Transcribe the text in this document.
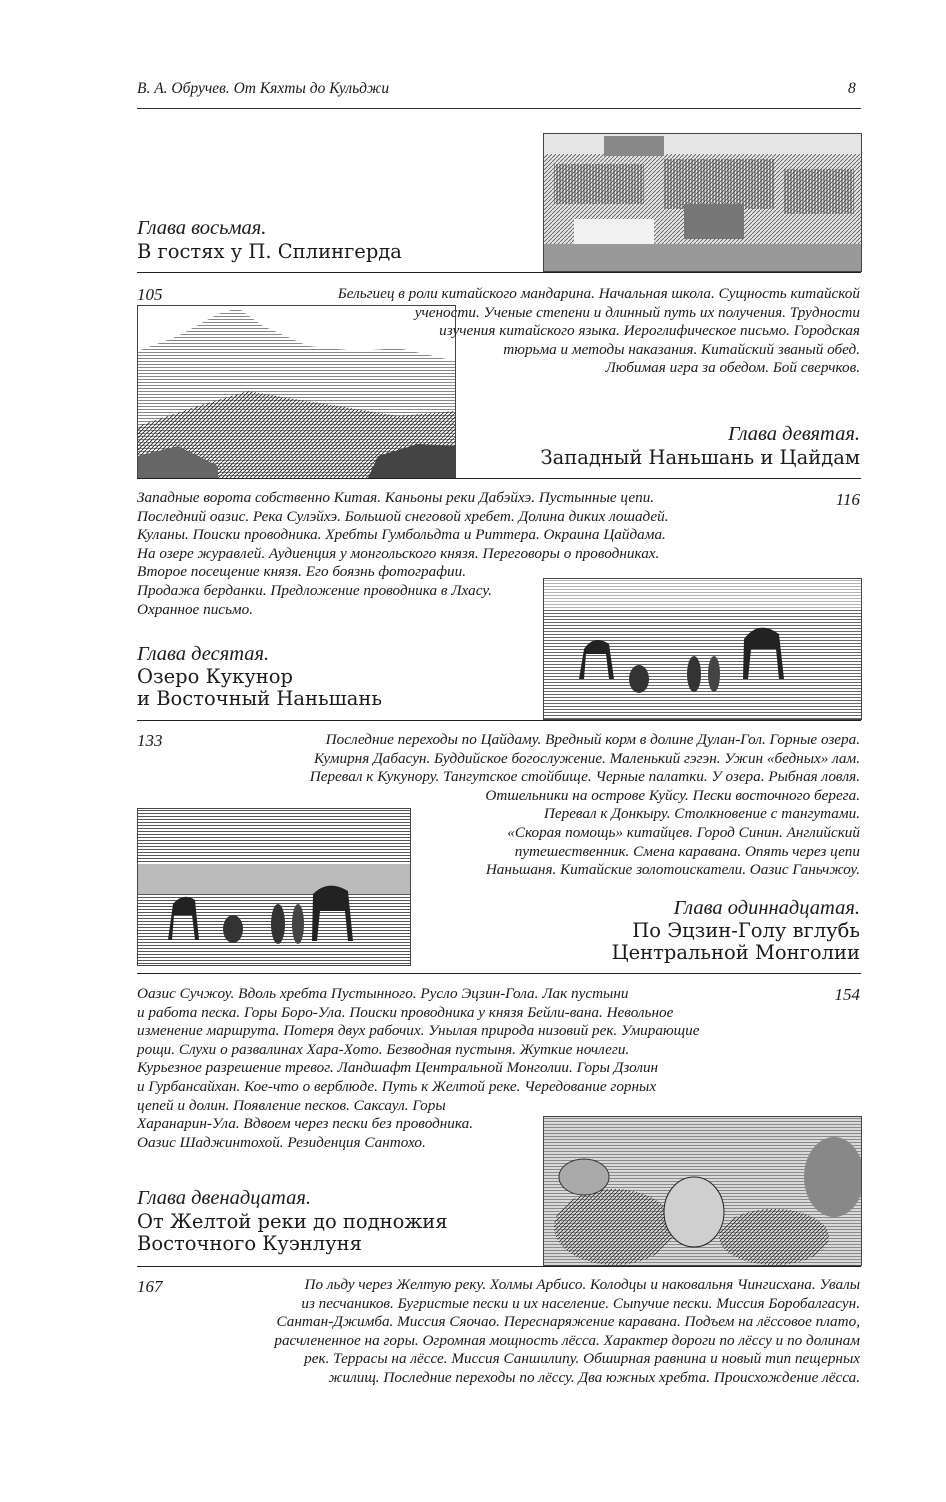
В. А. Обручев. От Кяхты до Кульджи	8
Глава восьмая.
В гостях у П. Сплингерда
105	Бельгиец в роли китайского мандарина. Начальная школа. Сущность китайской
учености. Ученые степени и длинный путь их получения. Трудности
изучения китайского языка. Иероглифическое письмо. Городская
тюрьма и методы наказания. Китайский званый обед.
Любимая игра за обедом. Бой сверчков.
Глава девятая.
Западный Наньшань и Цайдам
116
Западные ворота собственно Китая. Каньоны реки Дабэйхэ. Пустынные цепи.
Последний оазис. Река Сулэйхэ. Большой снеговой хребет. Долина диких лошадей.
Куланы. Поиски проводника. Хребты Гумбольдта и Риттера. Окраина Цайдама.
На озере журавлей. Аудиенция у монгольского князя. Переговоры о проводниках.
Второе посещение князя. Его боязнь фотографии.
Продажа берданки. Предложение проводника в Лхасу.
Охранное письмо.
Глава десятая.
Озеро Кукунор
и Восточный Наньшань
133	Последние переходы по Цайдаму. Вредный корм в долине Дулан-Гол. Горные озера.
Кумирня Дабасун. Буддийское богослужение. Маленький гэгэн. Ужин «бедных» лам.
Перевал к Кукунору. Тангутское стойбище. Черные палатки. У озера. Рыбная ловля.
Отшельники на острове Куйсу. Пески восточного берега.
Перевал к Донкыру. Столкновение с тангутами.
«Скорая помощь» китайцев. Город Синин. Английский
путешественник. Смена каравана. Опять через цепи
Наньшаня. Китайские золотоискатели. Оазис Ганьчжоу.
Глава одиннадцатая.
По Эцзин-Голу вглубь
Центральной Монголии
154
Оазис Сучжоу. Вдоль хребта Пустынного. Русло Эцзин-Гола. Лак пустыни
и работа песка. Горы Боро-Ула. Поиски проводника у князя Бейли-вана. Невольное
изменение маршрута. Потеря двух рабочих. Унылая природа низовий рек. Умирающие
рощи. Слухи о развалинах Хара-Хото. Безводная пустыня. Жуткие ночлеги.
Курьезное разрешение тревог. Ландшафт Центральной Монголии. Горы Дзолин
и Гурбансайхан. Кое-что о верблюде. Путь к Желтой реке. Чередование горных
цепей и долин. Появление песков. Саксаул. Горы
Харанарин-Ула. Вдвоем через пески без проводника.
Оазис Шаджинтохой. Резиденция Сантохо.
Глава двенадцатая.
От Желтой реки до подножия
Восточного Куэнлуня
167	По льду через Желтую реку. Холмы Арбисо. Колодцы и наковальня Чингисхана. Увалы
из песчаников. Бугристые пески и их население. Сыпучие пески. Миссия Боробалгасун.
Сантан-Джимба. Миссия Сяочао. Переснаряжение каравана. Подъем на лёссовое плато,
расчлененное на горы. Огромная мощность лёсса. Характер дороги по лёссу и по долинам
рек. Террасы на лёссе. Миссия Саншилипу. Обширная равнина и новый тип пещерных
жилищ. Последние переходы по лёссу. Два южных хребта. Происхождение лёсса.
